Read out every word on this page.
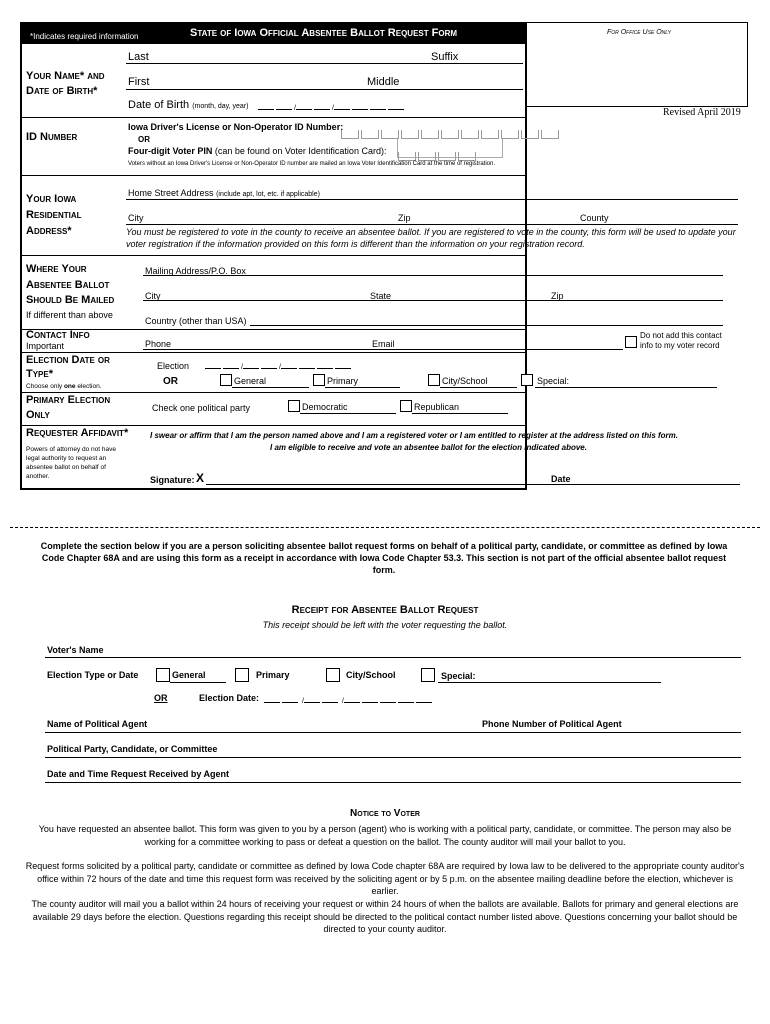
*Indicates required information	State of Iowa Official Absentee Ballot Request Form	For Office Use Only
Revised April 2019
Your Name* and Date of Birth*
Last	Suffix
First	Middle
Date of Birth (month, day, year)	/	/
ID Number
Iowa Driver's License or Non-Operator ID Number:
OR
Four-digit Voter PIN (can be found on Voter Identification Card):
Voters without an Iowa Driver's License or Non-Operator ID number are mailed an Iowa Voter Identification Card at the time of registration.
Your Iowa Residential Address*
Home Street Address (include apt, lot, etc. if applicable)
City	Zip	County
You must be registered to vote in the county to receive an absentee ballot. If you are registered to vote in the county, this form will be used to update your voter registration if the information provided on this form is different than the information on your registration record.
Where Your Absentee Ballot Should Be Mailed
If different than above
Mailing Address/P.O. Box
City	State	Zip
Country (other than USA)
Contact Info
Important	Phone	Email
Do not add this contact info to my voter record
Election Date or Type*
Choose only one election.
Election	/	/
OR	General	Primary	City/School	Special:
Primary Election Only
Check one political party	Democratic	Republican
Requester Affidavit*
Powers of attorney do not have legal authority to request an absentee ballot on behalf of another.
I swear or affirm that I am the person named above and I am a registered voter or I am entitled to register at the address listed on this form.
I am eligible to receive and vote an absentee ballot for the election indicated above.
Signature: X	Date
Complete the section below if you are a person soliciting absentee ballot request forms on behalf of a political party, candidate, or committee as defined by Iowa Code Chapter 68A and are using this form as a receipt in accordance with Iowa Code Chapter 53.3. This section is not part of the official absentee ballot request form.
Receipt for Absentee Ballot Request
This receipt should be left with the voter requesting the ballot.
Voter's Name
Election Type or Date	General	Primary	City/School	Special:
OR	Election Date:	/	/
Name of Political Agent	Phone Number of Political Agent
Political Party, Candidate, or Committee
Date and Time Request Received by Agent
Notice to Voter
You have requested an absentee ballot. This form was given to you by a person (agent) who is working with a political party, candidate, or committee. The person may also be working for a committee working to pass or defeat a question on the ballot. The county auditor will mail your ballot to you.
Request forms solicited by a political party, candidate or committee as defined by Iowa Code chapter 68A are required by Iowa law to be delivered to the appropriate county auditor's office within 72 hours of the date and time this request form was received by the soliciting agent or by 5 p.m. on the absentee mailing deadline before the election, whichever is earlier.
The county auditor will mail you a ballot within 24 hours of receiving your request or within 24 hours of when the ballots are available. Ballots for primary and general elections are available 29 days before the election. Questions regarding this receipt should be directed to the political contact number listed above. Questions concerning your ballot should be directed to your county auditor.
